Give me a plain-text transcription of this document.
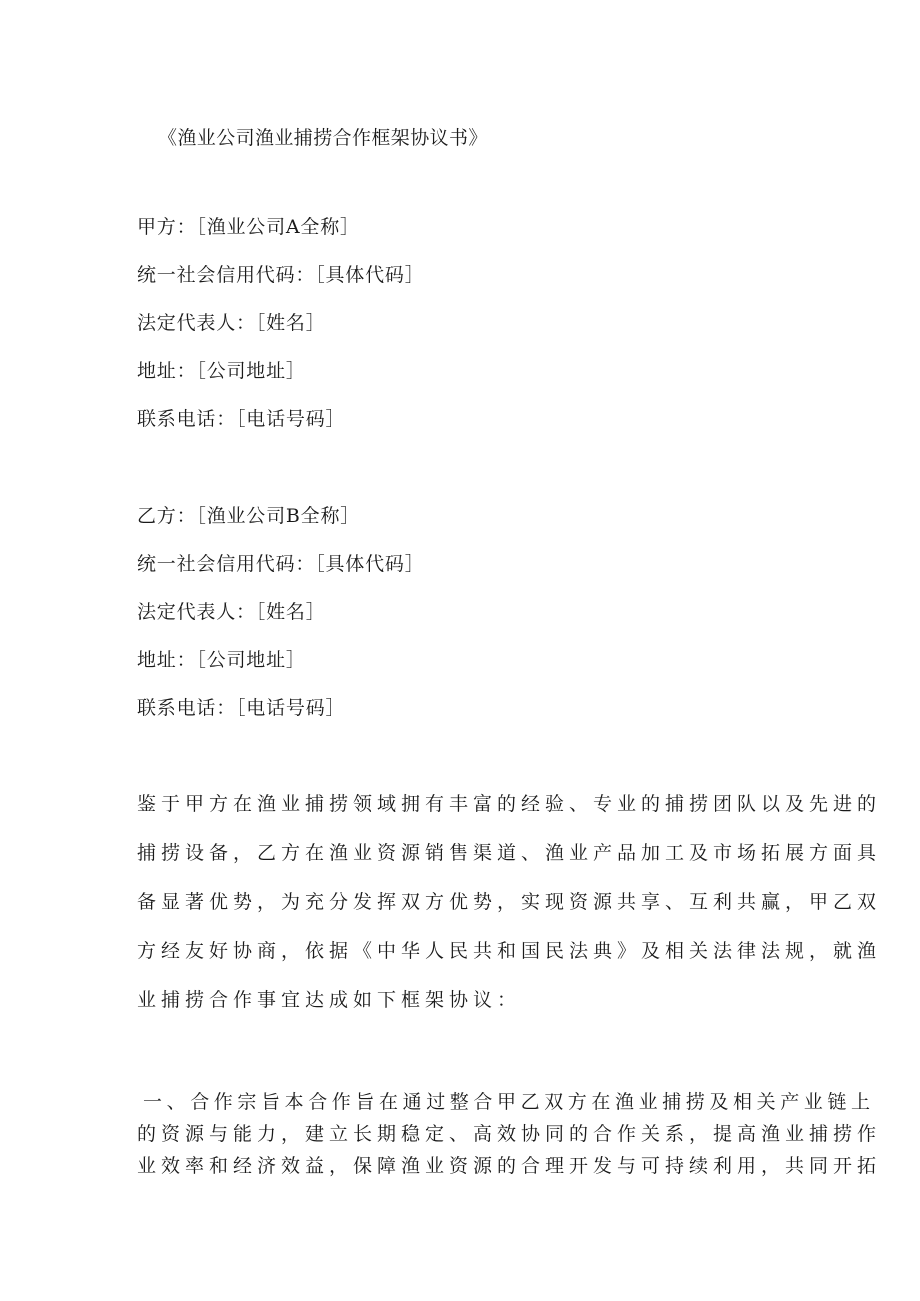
《渔业公司渔业捕捞合作框架协议书》
甲方：［渔业公司A全称］
统一社会信用代码：［具体代码］
法定代表人：［姓名］
地址：［公司地址］
联系电话：［电话号码］
乙方：［渔业公司B全称］
统一社会信用代码：［具体代码］
法定代表人：［姓名］
地址：［公司地址］
联系电话：［电话号码］
鉴于甲方在渔业捕捞领域拥有丰富的经验、专业的捕捞团队以及先进的
捕捞设备，乙方在渔业资源销售渠道、渔业产品加工及市场拓展方面具
备显著优势，为充分发挥双方优势，实现资源共享、互利共赢，甲乙双
方经友好协商，依据《中华人民共和国民法典》及相关法律法规，就渔
业捕捞合作事宜达成如下框架协议：
一、合作宗旨本合作旨在通过整合甲乙双方在渔业捕捞及相关产业链上
的资源与能力，建立长期稳定、高效协同的合作关系，提高渔业捕捞作
业效率和经济效益，保障渔业资源的合理开发与可持续利用，共同开拓
